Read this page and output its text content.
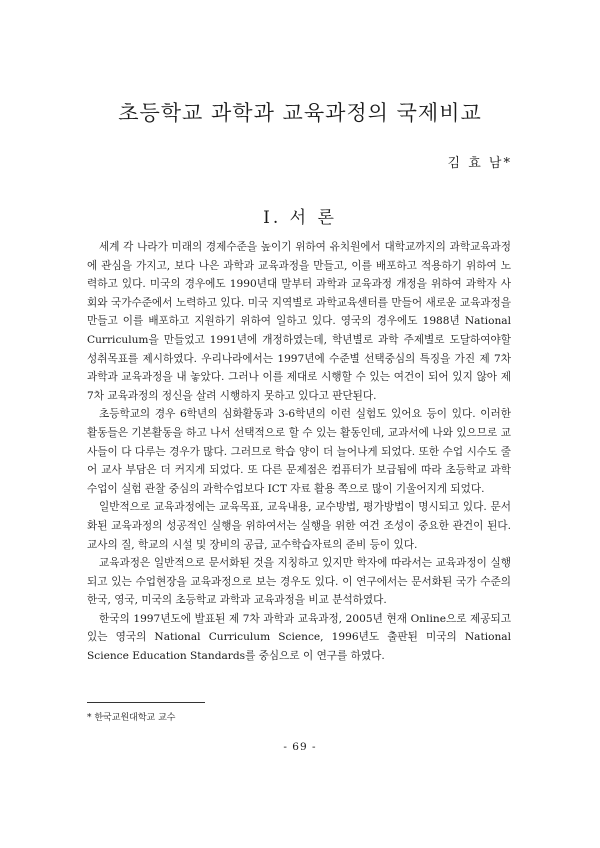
초등학교 과학과 교육과정의 국제비교
김 효 남*
I. 서 론

세계 각 나라가 미래의 경제수준을 높이기 위하여 유치원에서 대학교까지의 과학교육과정에 관심을 가지고, 보다 나은 과학과 교육과정을 만들고, 이를 배포하고 적용하기 위하여 노력하고 있다. 미국의 경우에도 1990년대 말부터 과학과 교육과정 개정을 위하여 과학자 사회와 국가수준에서 노력하고 있다. 미국 지역별로 과학교육센터를 만들어 새로운 교육과정을 만들고 이를 배포하고 지원하기 위하여 일하고 있다. 영국의 경우에도 1988년 National Curriculum을 만들었고 1991년에 개정하였는데, 학년별로 과학 주제별로 도달하여야할 성취목표를 제시하였다. 우리나라에서는 1997년에 수준별 선택중심의 특징을 가진 제 7차 과학과 교육과정을 내 놓았다. 그러나 이를 제대로 시행할 수 있는 여건이 되어 있지 않아 제 7차 교육과정의 정신을 살려 시행하지 못하고 있다고 판단된다.

초등학교의 경우 6학년의 심화활동과 3-6학년의 이런 실험도 있어요 등이 있다. 이러한 활동들은 기본활동을 하고 나서 선택적으로 할 수 있는 활동인데, 교과서에 나와 있으므로 교사들이 다 다루는 경우가 많다. 그러므로 학습 양이 더 늘어나게 되었다. 또한 수업 시수도 줄어 교사 부담은 더 커지게 되었다. 또 다른 문제점은 컴퓨터가 보급됨에 따라 초등학교 과학수업이 실험 관찰 중심의 과학수업보다 ICT 자료 활용 쪽으로 많이 기울어지게 되었다.

일반적으로 교육과정에는 교육목표, 교육내용, 교수방법, 평가방법이 명시되고 있다. 문서화된 교육과정의 성공적인 실행을 위하여서는 실행을 위한 여건 조성이 중요한 관건이 된다. 교사의 질, 학교의 시설 및 장비의 공급, 교수학습자료의 준비 등이 있다.

교육과정은 일반적으로 문서화된 것을 지칭하고 있지만 학자에 따라서는 교육과정이 실행되고 있는 수업현장을 교육과정으로 보는 경우도 있다. 이 연구에서는 문서화된 국가 수준의 한국, 영국, 미국의 초등학교 과학과 교육과정을 비교 분석하였다.

한국의 1997년도에 발표된 제 7차 과학과 교육과정, 2005년 현재 Online으로 제공되고 있는 영국의 National Curriculum Science, 1996년도 출판된 미국의 National Science Education Standards를 중심으로 이 연구를 하였다.

* 한국교원대학교 교수
- 69 -
